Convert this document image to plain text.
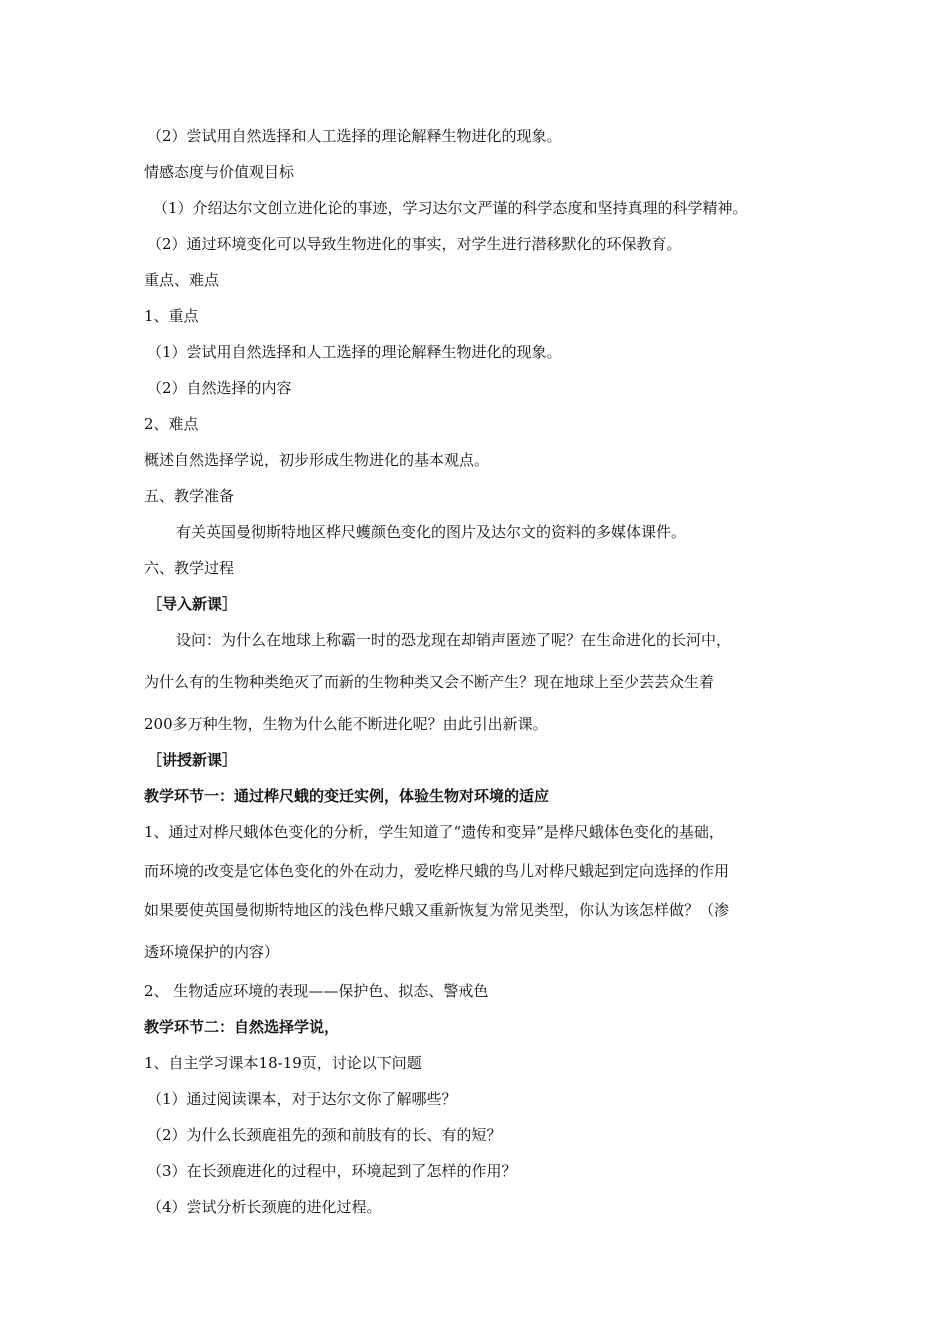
（2）尝试用自然选择和人工选择的理论解释生物进化的现象。
情感态度与价值观目标
（1）介绍达尔文创立进化论的事迹，学习达尔文严谨的科学态度和坚持真理的科学精神。
（2）通过环境变化可以导致生物进化的事实，对学生进行潜移默化的环保教育。
重点、难点
1、重点
（1）尝试用自然选择和人工选择的理论解释生物进化的现象。
（2）自然选择的内容
2、难点
概述自然选择学说，初步形成生物进化的基本观点。
五、教学准备
有关英国曼彻斯特地区桦尺蠖颜色变化的图片及达尔文的资料的多媒体课件。
六、教学过程
［导入新课］
设问：为什么在地球上称霸一时的恐龙现在却销声匿迹了呢？在生命进化的长河中，
为什么有的生物种类绝灭了而新的生物种类又会不断产生？现在地球上至少芸芸众生着
200多万种生物，生物为什么能不断进化呢？由此引出新课。
［讲授新课］
教学环节一：通过桦尺蛾的变迁实例，体验生物对环境的适应
1、通过对桦尺蛾体色变化的分析，学生知道了“遗传和变异”是桦尺蛾体色变化的基础，
而环境的改变是它体色变化的外在动力，爱吃桦尺蛾的鸟儿对桦尺蛾起到定向选择的作用
如果要使英国曼彻斯特地区的浅色桦尺蛾又重新恢复为常见类型，你认为该怎样做？（渗
透环境保护的内容）
2、 生物适应环境的表现——保护色、拟态、警戒色
教学环节二：自然选择学说，
1、自主学习课本18-19页，讨论以下问题
（1）通过阅读课本，对于达尔文你了解哪些？
（2）为什么长颈鹿祖先的颈和前肢有的长、有的短？
（3）在长颈鹿进化的过程中，环境起到了怎样的作用？
（4）尝试分析长颈鹿的进化过程。
